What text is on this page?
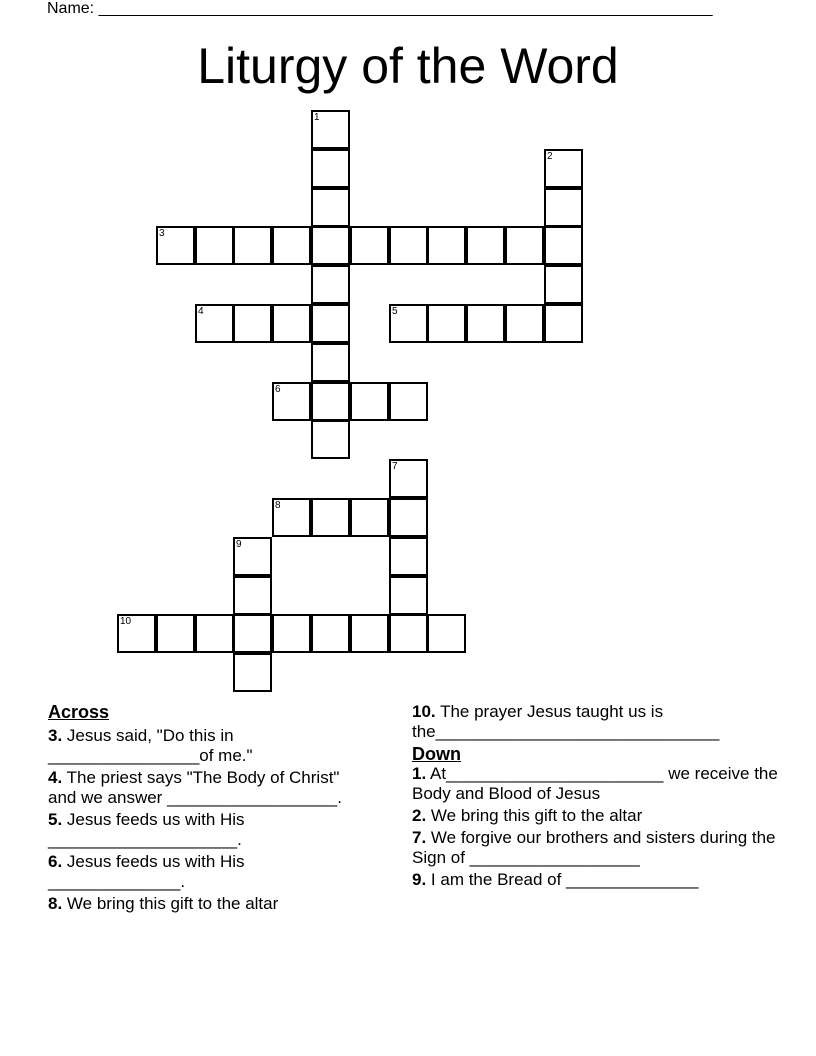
Name: _____________________________________________________________________
Liturgy of the Word
1
2
3
4	5
6
7
8
9
10
Across
3. Jesus said, "Do this in ________________of me."
4. The priest says "The Body of Christ" and we answer __________________.
5. Jesus feeds us with His ____________________.
6. Jesus feeds us with His ______________.
8. We bring this gift to the altar
10. The prayer Jesus taught us is the______________________________
Down
1. At_______________________ we receive the Body and Blood of Jesus
2. We bring this gift to the altar
7. We forgive our brothers and sisters during the Sign of __________________
9. I am the Bread of ______________
